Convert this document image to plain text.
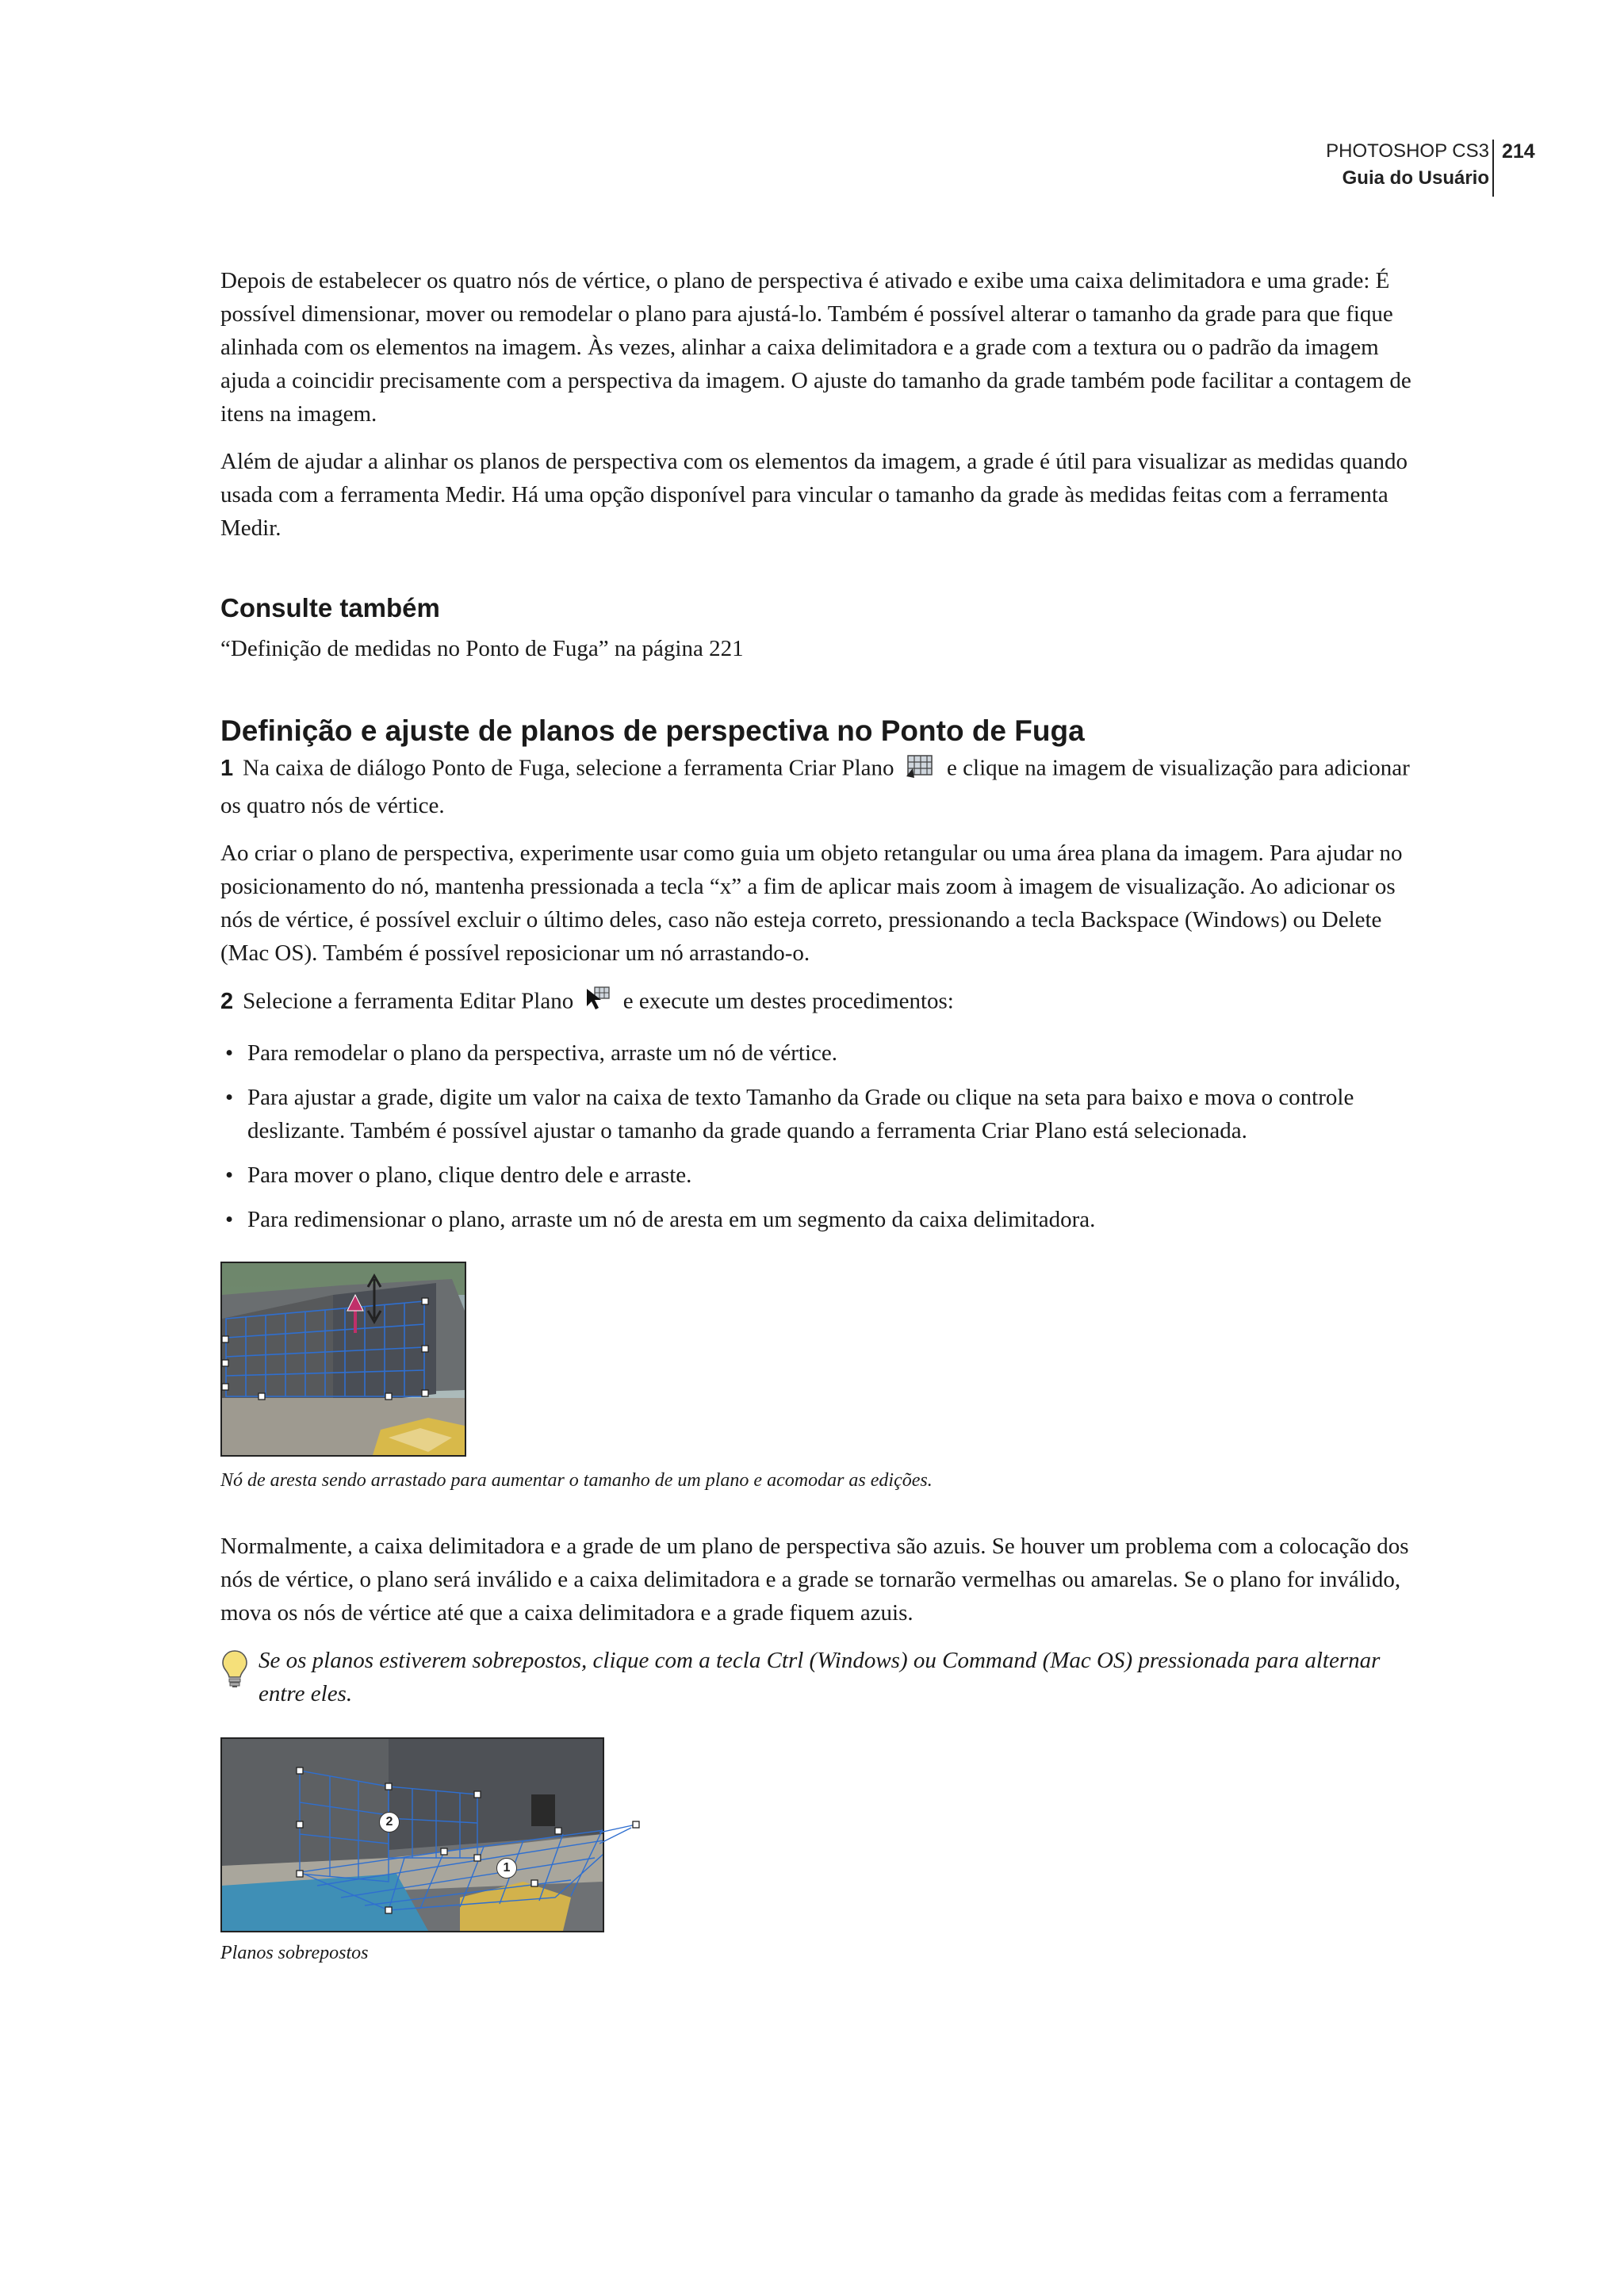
PHOTOSHOP CS3
Guia do Usuário
214

Depois de estabelecer os quatro nós de vértice, o plano de perspectiva é ativado e exibe uma caixa delimitadora e uma grade: É possível dimensionar, mover ou remodelar o plano para ajustá-lo. Também é possível alterar o tamanho da grade para que fique alinhada com os elementos na imagem. Às vezes, alinhar a caixa delimitadora e a grade com a textura ou o padrão da imagem ajuda a coincidir precisamente com a perspectiva da imagem. O ajuste do tamanho da grade também pode facilitar a contagem de itens na imagem.

Além de ajudar a alinhar os planos de perspectiva com os elementos da imagem, a grade é útil para visualizar as medidas quando usada com a ferramenta Medir. Há uma opção disponível para vincular o tamanho da grade às medidas feitas com a ferramenta Medir.

Consulte também

“Definição de medidas no Ponto de Fuga” na página 221

Definição e ajuste de planos de perspectiva no Ponto de Fuga

1 Na caixa de diálogo Ponto de Fuga, selecione a ferramenta Criar Plano e clique na imagem de visualização para adicionar os quatro nós de vértice.

Ao criar o plano de perspectiva, experimente usar como guia um objeto retangular ou uma área plana da imagem. Para ajudar no posicionamento do nó, mantenha pressionada a tecla “x” a fim de aplicar mais zoom à imagem de visualização. Ao adicionar os nós de vértice, é possível excluir o último deles, caso não esteja correto, pressionando a tecla Backspace (Windows) ou Delete (Mac OS). Também é possível reposicionar um nó arrastando-o.

2 Selecione a ferramenta Editar Plano e execute um destes procedimentos:

• Para remodelar o plano da perspectiva, arraste um nó de vértice.
• Para ajustar a grade, digite um valor na caixa de texto Tamanho da Grade ou clique na seta para baixo e mova o controle deslizante. Também é possível ajustar o tamanho da grade quando a ferramenta Criar Plano está selecionada.
• Para mover o plano, clique dentro dele e arraste.
• Para redimensionar o plano, arraste um nó de aresta em um segmento da caixa delimitadora.

Nó de aresta sendo arrastado para aumentar o tamanho de um plano e acomodar as edições.

Normalmente, a caixa delimitadora e a grade de um plano de perspectiva são azuis. Se houver um problema com a colocação dos nós de vértice, o plano será inválido e a caixa delimitadora e a grade se tornarão vermelhas ou amarelas. Se o plano for inválido, mova os nós de vértice até que a caixa delimitadora e a grade fiquem azuis.

Se os planos estiverem sobrepostos, clique com a tecla Ctrl (Windows) ou Command (Mac OS) pressionada para alternar entre eles.

2
1

Planos sobrepostos
